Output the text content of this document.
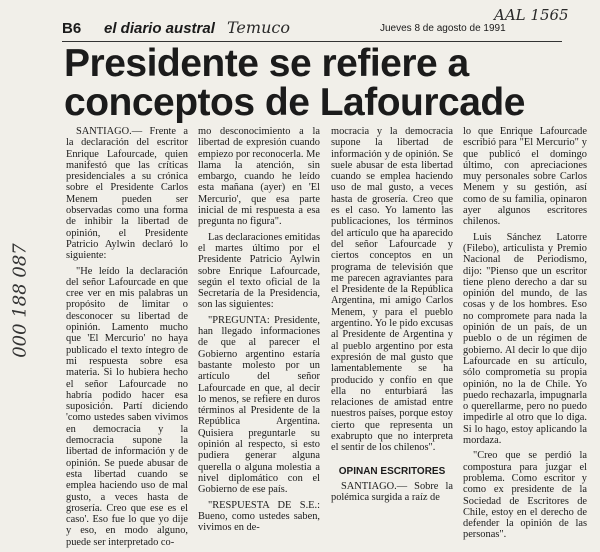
000 188 087
B6 el diario austral Temuco	Jueves 8 de agosto de 1991
AAL 1565
Presidente se refiere a conceptos de Lafourcade

SANTIAGO.— Frente a la declaración del escritor Enrique Lafourcade, quien manifestó que las críticas presidenciales a su crónica sobre el Presidente Carlos Menem pueden ser observadas como una forma de inhibir la libertad de opinión, el Presidente Patricio Aylwin declaró lo siguiente:

"He leído la declaración del señor Lafourcade en que cree ver en mis palabras un propósito de limitar o desconocer su libertad de opinión. Lamento mucho que 'El Mercurio' no haya publicado el texto íntegro de mi respuesta sobre esa materia. Si lo hubiera hecho el señor Lafourcade no habría podido hacer esa suposición. Partí diciendo 'como ustedes saben vivimos en democracia y la democracia supone la libertad de información y de opinión. Se puede abusar de esta libertad cuando se emplea haciendo uso de mal gusto, a veces hasta de grosería. Creo que ese es el caso'. Eso fue lo que yo dije y eso, en modo alguno, puede ser interpretado co-

mo desconocimiento a la libertad de expresión cuando empiezo por reconocerla. Me llama la atención, sin embargo, cuando he leído esta mañana (ayer) en 'El Mercurio', que esa parte inicial de mi respuesta a esa pregunta no figura".

Las declaraciones emitidas el martes último por el Presidente Patricio Aylwin sobre Enrique Lafourcade, según el texto oficial de la Secretaría de la Presidencia, son las siguientes:

"PREGUNTA: Presidente, han llegado informaciones de que al parecer el Gobierno argentino estaría bastante molesto por un artículo del señor Lafourcade en que, al decir lo menos, se refiere en duros términos al Presidente de la República Argentina. Quisiera preguntarle su opinión al respecto, si esto pudiera generar alguna querella o alguna molestia a nivel diplomático con el Gobierno de ese país.

"RESPUESTA DE S.E.: Bueno, como ustedes saben, vivimos en de-

mocracia y la democracia supone la libertad de información y de opinión. Se suele abusar de esta libertad cuando se emplea haciendo uso de mal gusto, a veces hasta de grosería. Creo que es el caso. Yo lamento las publicaciones, los términos del artículo que ha aparecido del señor Lafourcade y ciertos conceptos en un programa de televisión que me parecen agraviantes para el Presidente de la República Argentina, mi amigo Carlos Menem, y para el pueblo argentino. Yo le pido excusas al Presidente de Argentina y al pueblo argentino por esta expresión de mal gusto que lamentablemente se ha producido y confío en que ella no enturbiará las relaciones de amistad entre nuestros países, porque estoy cierto que representa un exabrupto que no interpreta el sentir de los chilenos".

OPINAN ESCRITORES

SANTIAGO.— Sobre la polémica surgida a raíz de

lo que Enrique Lafourcade escribió para "El Mercurio" y que publicó el domingo último, con apreciaciones muy personales sobre Carlos Menem y su gestión, así como de su familia, opinaron ayer algunos escritores chilenos.

Luis Sánchez Latorre (Filebo), articulista y Premio Nacional de Periodismo, dijo: "Pienso que un escritor tiene pleno derecho a dar su opinión del mundo, de las cosas y de los hombres. Eso no compromete para nada la opinión de un país, de un pueblo o de un régimen de gobierno. Al decir lo que dijo Lafourcade en su artículo, sólo comprometía su propia opinión, no la de Chile. Yo puedo rechazarla, impugnarla o querellarme, pero no puedo impedirle al otro que lo diga. Si lo hago, estoy aplicando la mordaza.

"Creo que se perdió la compostura para juzgar el problema. Como escritor y como ex presidente de la Sociedad de Escritores de Chile, estoy en el derecho de defender la opinión de las personas".
